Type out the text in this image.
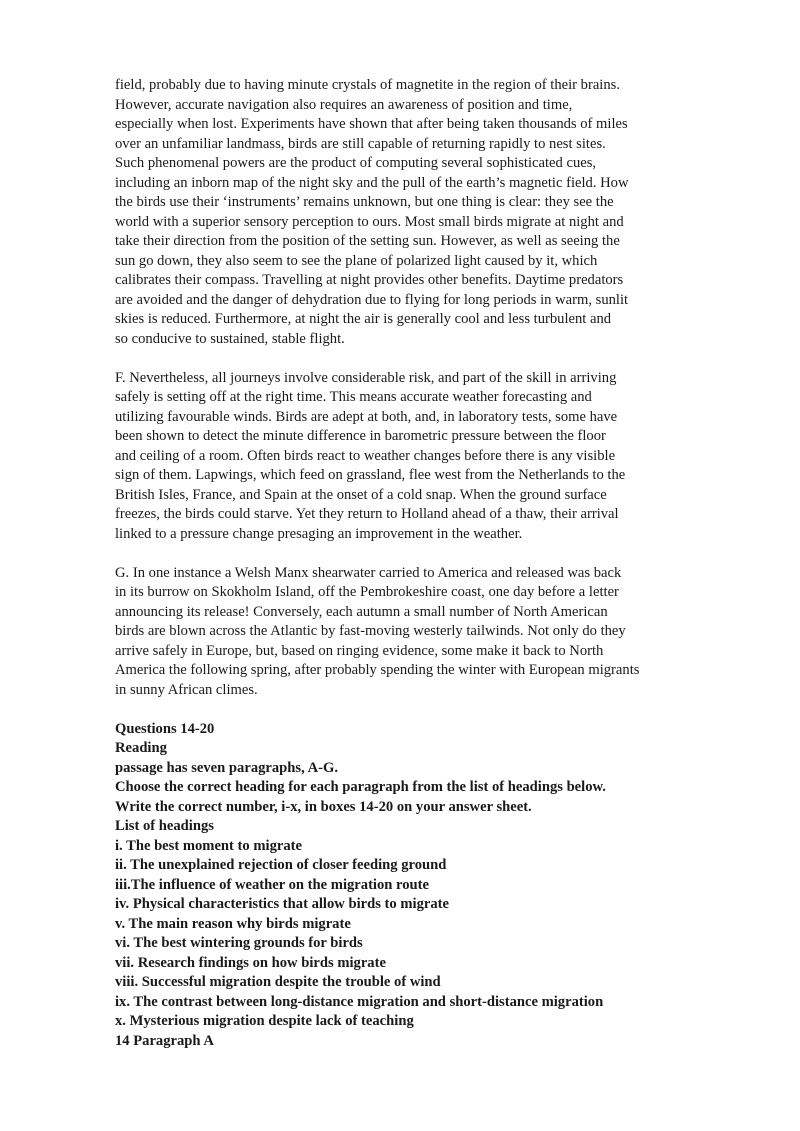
field, probably due to having minute crystals of magnetite in the region of their brains.
However, accurate navigation also requires an awareness of position and time,
especially when lost. Experiments have shown that after being taken thousands of miles
over an unfamiliar landmass, birds are still capable of returning rapidly to nest sites.
Such phenomenal powers are the product of computing several sophisticated cues,
including an inborn map of the night sky and the pull of the earth’s magnetic field. How
the birds use their ‘instruments’ remains unknown, but one thing is clear: they see the
world with a superior sensory perception to ours. Most small birds migrate at night and
take their direction from the position of the setting sun. However, as well as seeing the
sun go down, they also seem to see the plane of polarized light caused by it, which
calibrates their compass. Travelling at night provides other benefits. Daytime predators
are avoided and the danger of dehydration due to flying for long periods in warm, sunlit
skies is reduced. Furthermore, at night the air is generally cool and less turbulent and
so conducive to sustained, stable flight.
F. Nevertheless, all journeys involve considerable risk, and part of the skill in arriving
safely is setting off at the right time. This means accurate weather forecasting and
utilizing favourable winds. Birds are adept at both, and, in laboratory tests, some have
been shown to detect the minute difference in barometric pressure between the floor
and ceiling of a room. Often birds react to weather changes before there is any visible
sign of them. Lapwings, which feed on grassland, flee west from the Netherlands to the
British Isles, France, and Spain at the onset of a cold snap. When the ground surface
freezes, the birds could starve. Yet they return to Holland ahead of a thaw, their arrival
linked to a pressure change presaging an improvement in the weather.
G. In one instance a Welsh Manx shearwater carried to America and released was back
in its burrow on Skokholm Island, off the Pembrokeshire coast, one day before a letter
announcing its release! Conversely, each autumn a small number of North American
birds are blown across the Atlantic by fast-moving westerly tailwinds. Not only do they
arrive safely in Europe, but, based on ringing evidence, some make it back to North
America the following spring, after probably spending the winter with European migrants
in sunny African climes.
Questions 14-20
Reading
passage has seven paragraphs, A-G.
Choose the correct heading for each paragraph from the list of headings below.
Write the correct number, i-x, in boxes 14-20 on your answer sheet.
List of headings
i. The best moment to migrate
ii. The unexplained rejection of closer feeding ground
iii.The influence of weather on the migration route
iv. Physical characteristics that allow birds to migrate
v. The main reason why birds migrate
vi. The best wintering grounds for birds
vii. Research findings on how birds migrate
viii. Successful migration despite the trouble of wind
ix. The contrast between long-distance migration and short-distance migration
x. Mysterious migration despite lack of teaching
14 Paragraph A
